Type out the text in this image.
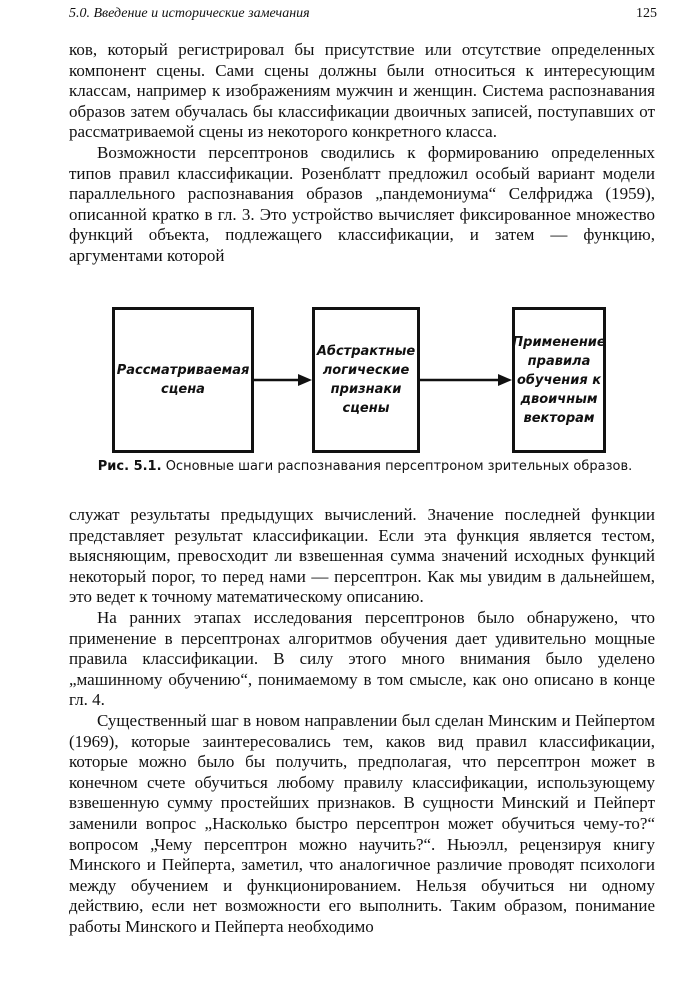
5.0. Введение и исторические замечания	125

ков, который регистрировал бы присутствие или отсутствие определенных компонент сцены. Сами сцены должны были относиться к интересующим классам, например к изображениям мужчин и женщин. Система распознавания образов затем обучалась бы классификации двоичных записей, поступавших от рассматриваемой сцены из некоторого конкретного класса.

Возможности персептронов сводились к формированию определенных типов правил классификации. Розенблатт предложил особый вариант модели параллельного распознавания образов „пандемониума“ Селфриджа (1959), описанной кратко в гл. 3. Это устройство вычисляет фиксированное множество функций объекта, подлежащего классификации, и затем — функцию, аргументами которой

Рассматриваемая сцена
Абстрактные логические признаки сцены
Применение правила обучения к двоичным векторам
Рис. 5.1. Основные шаги распознавания персептроном зрительных образов.

служат результаты предыдущих вычислений. Значение последней функции представляет результат классификации. Если эта функция является тестом, выясняющим, превосходит ли взвешенная сумма значений исходных функций некоторый порог, то перед нами — персептрон. Как мы увидим в дальнейшем, это ведет к точному математическому описанию.

На ранних этапах исследования персептронов было обнаружено, что применение в персептронах алгоритмов обучения дает удивительно мощные правила классификации. В силу этого много внимания было уделено „машинному обучению“, понимаемому в том смысле, как оно описано в конце гл. 4.

Существенный шаг в новом направлении был сделан Минским и Пейпертом (1969), которые заинтересовались тем, каков вид правил классификации, которые можно было бы получить, предполагая, что персептрон может в конечном счете обучиться любому правилу классификации, использующему взвешенную сумму простейших признаков. В сущности Минский и Пейперт заменили вопрос „Насколько быстро персептрон может обучиться чему-то?“ вопросом „Чему персептрон можно научить?“. Ньюэлл, рецензируя книгу Минского и Пейперта, заметил, что аналогичное различие проводят психологи между обучением и функционированием. Нельзя обучиться ни одному действию, если нет возможности его выполнить. Таким образом, понимание работы Минского и Пейперта необходимо
